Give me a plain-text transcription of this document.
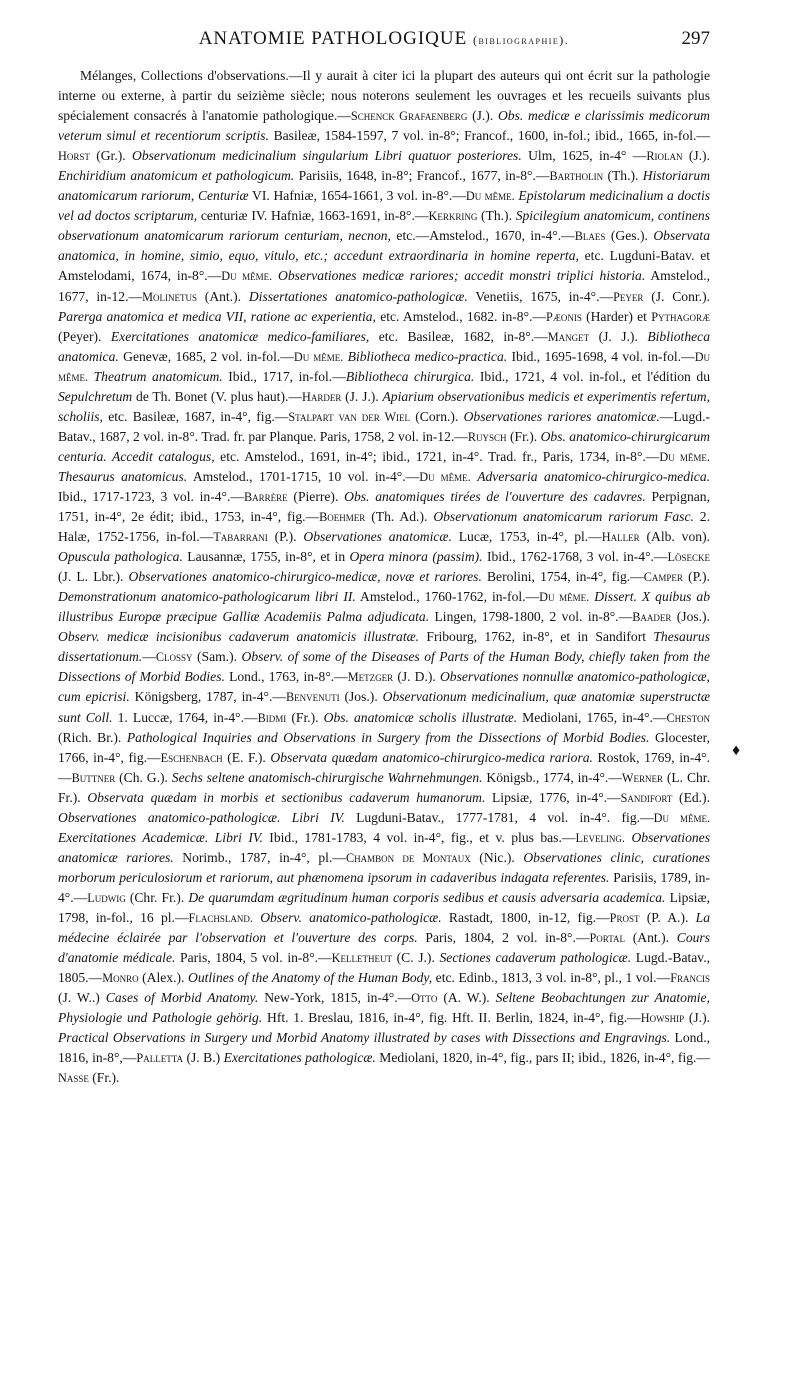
ANATOMIE PATHOLOGIQUE (bibliographie).	297
Mélanges, Collections d'observations.—Il y aurait à citer ici la plupart des auteurs qui ont écrit sur la pathologie interne ou externe, à partir du seizième siècle; nous noterons seulement les ouvrages et les recueils suivants plus spécialement consacrés à l'anatomie pathologique.—Schenck Grafaenberg (J.). Obs. medicæ e clarissimis medicorum veterum simul et recentiorum scriptis. Basileæ, 1584-1597, 7 vol. in-8°; Francof., 1600, in-fol.; ibid., 1665, in-fol.—Horst (Gr.). Observationum medicinalium singularium Libri quatuor posteriores. Ulm, 1625, in-4° —Riolan (J.). Enchiridium anatomicum et pathologicum. Parisiis, 1648, in-8°; Francof., 1677, in-8°.—Bartholin (Th.). Historiarum anatomicarum rariorum, Centuriæ VI. Hafniæ, 1654-1661, 3 vol. in-8°.—Du même. Epistolarum medicinalium a doctis vel ad doctos scriptarum, centuriæ IV. Hafniæ, 1663-1691, in-8°.—Kerkring (Th.). Spicilegium anatomicum, continens observationum anatomicarum rariorum centuriam, necnon, etc.—Amstelod., 1670, in-4°.—Blaes (Ges.). Observata anatomica, in homine, simio, equo, vitulo, etc.; accedunt extraordinaria in homine reperta, etc. Lugduni-Batav. et Amstelodami, 1674, in-8°.—Du même. Observationes medicæ rariores; accedit monstri triplici historia. Amstelod., 1677, in-12.—Molinetus (Ant.). Dissertationes anatomico-pathologicæ. Venetiis, 1675, in-4°.—Peyer (J. Conr.). Parerga anatomica et medica VII, ratione ac experientia, etc. Amstelod., 1682. in-8°.—Pæonis (Harder) et Pythagoræ (Peyer). Exercitationes anatomicæ medico-familiares, etc. Basileæ, 1682, in-8°.—Manget (J. J.). Bibliotheca anatomica. Genevæ, 1685, 2 vol. in-fol.—Du même. Bibliotheca medico-practica. Ibid., 1695-1698, 4 vol. in-fol.—Du même. Theatrum anatomicum. Ibid., 1717, in-fol.—Bibliotheca chirurgica. Ibid., 1721, 4 vol. in-fol., et l'édition du Sepulchretum de Th. Bonet (V. plus haut).—Harder (J. J.). Apiarium observationibus medicis et experimentis refertum, scholiis, etc. Basileæ, 1687, in-4°, fig.—Stalpart van der Wiel (Corn.). Observationes rariores anatomicæ.—Lugd.-Batav., 1687, 2 vol. in-8°. Trad. fr. par Planque. Paris, 1758, 2 vol. in-12.—Ruysch (Fr.). Obs. anatomico-chirurgicarum centuria. Accedit catalogus, etc. Amstelod., 1691, in-4°; ibid., 1721, in-4°. Trad. fr., Paris, 1734, in-8°.—Du même. Thesaurus anatomicus. Amstelod., 1701-1715, 10 vol. in-4°.—Du même. Adversaria anatomico-chirurgico-medica. Ibid., 1717-1723, 3 vol. in-4°.—Barrère (Pierre). Obs. anatomiques tirées de l'ouverture des cadavres. Perpignan, 1751, in-4°, 2e édit; ibid., 1753, in-4°, fig.—Boehmer (Th. Ad.). Observationum anatomicarum rariorum Fasc. 2. Halæ, 1752-1756, in-fol.—Tabarrani (P.). Observationes anatomicæ. Lucæ, 1753, in-4°, pl.—Haller (Alb. von). Opuscula pathologica. Lausannæ, 1755, in-8°, et in Opera minora (passim). Ibid., 1762-1768, 3 vol. in-4°.—Lösecke (J. L. Lbr.). Observationes anatomico-chirurgico-medicæ, novæ et rariores. Berolini, 1754, in-4°, fig.—Camper (P.). Demonstrationum anatomico-pathologicarum libri II. Amstelod., 1760-1762, in-fol.—Du même. Dissert. X quibus ab illustribus Europæ præcipue Galliæ Academiis Palma adjudicata. Lingen, 1798-1800, 2 vol. in-8°.—Baader (Jos.). Observ. medicæ incisionibus cadaverum anatomicis illustratæ. Fribourg, 1762, in-8°, et in Sandifort Thesaurus dissertationum.—Clossy (Sam.). Observ. of some of the Diseases of Parts of the Human Body, chiefly taken from the Dissections of Morbid Bodies. Lond., 1763, in-8°.—Metzger (J. D.). Observationes nonnullæ anatomico-pathologicæ, cum epicrisi. Königsberg, 1787, in-4°.—Benvenuti (Jos.). Observationum medicinalium, quæ anatomiæ superstructæ sunt Coll. 1. Luccæ, 1764, in-4°.—Bidmi (Fr.). Obs. anatomicæ scholis illustratæ. Mediolani, 1765, in-4°.—Cheston (Rich. Br.). Pathological Inquiries and Observations in Surgery from the Dissections of Morbid Bodies. Glocester, 1766, in-4°, fig.—Eschenbach (E. F.). Observata quædam anatomico-chirurgico-medica rariora. Rostok, 1769, in-4°.—Buttner (Ch. G.). Sechs seltene anatomisch-chirurgische Wahrnehmungen. Königsb., 1774, in-4°.—Werner (L. Chr. Fr.). Observata quædam in morbis et sectionibus cadaverum humanorum. Lipsiæ, 1776, in-4°.—Sandifort (Ed.). Observationes anatomico-pathologicæ. Libri IV. Lugduni-Batav., 1777-1781, 4 vol. in-4°. fig.—Du même. Exercitationes Academicæ. Libri IV. Ibid., 1781-1783, 4 vol. in-4°, fig., et v. plus bas.—Leveling. Observationes anatomicæ rariores. Norimb., 1787, in-4°, pl.—Chambon de Montaux (Nic.). Observationes clinic, curationes morborum periculosiorum et rariorum, aut phænomena ipsorum in cadaveribus indagata referentes. Parisiis, 1789, in-4°.—Ludwig (Chr. Fr.). De quarumdam ægritudinum human corporis sedibus et causis adversaria academica. Lipsiæ, 1798, in-fol., 16 pl.—Flachsland. Observ. anatomico-pathologicæ. Rastadt, 1800, in-12, fig.—Prost (P. A.). La médecine éclairée par l'observation et l'ouverture des corps. Paris, 1804, 2 vol. in-8°.—Portal (Ant.). Cours d'anatomie médicale. Paris, 1804, 5 vol. in-8°.—Kelletheut (C. J.). Sectiones cadaverum pathologicæ. Lugd.-Batav., 1805.—Monro (Alex.). Outlines of the Anatomy of the Human Body, etc. Edinb., 1813, 3 vol. in-8°, pl., 1 vol.—Francis (J. W..) Cases of Morbid Anatomy. New-York, 1815, in-4°.—Otto (A. W.). Seltene Beobachtungen zur Anatomie, Physiologie und Pathologie gehörig. Hft. 1. Breslau, 1816, in-4°, fig. Hft. II. Berlin, 1824, in-4°, fig.—Howship (J.). Practical Observations in Surgery und Morbid Anatomy illustrated by cases with Dissections and Engravings. Lond., 1816, in-8°,—Palletta (J. B.) Exercitationes pathologicæ. Mediolani, 1820, in-4°, fig., pars II; ibid., 1826, in-4°, fig.—Nasse (Fr.).
♦
